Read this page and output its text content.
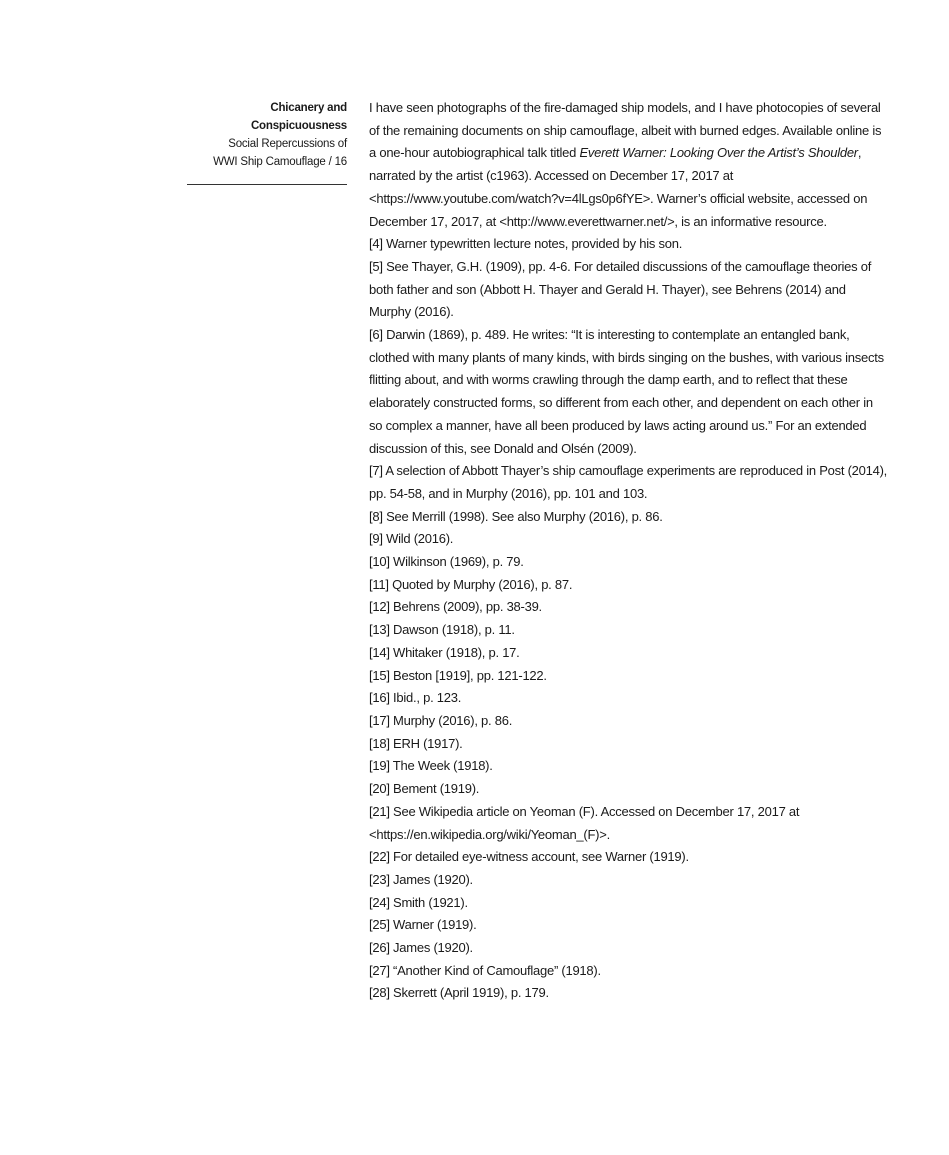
Chicanery and
Conspicuousness
Social Repercussions of
WWI Ship Camouflage / 16

I have seen photographs of the fire-damaged ship models, and I have photocopies of several of the remaining documents on ship camouflage, albeit with burned edges. Available online is a one-hour autobiographical talk titled Everett Warner: Looking Over the Artist’s Shoulder, narrated by the artist (c1963). Accessed on December 17, 2017 at <https://www.youtube.com/watch?v=4lLgs0p6fYE>. Warner’s official website, accessed on December 17, 2017, at <http://www.everettwarner.net/>, is an informative resource.

[4] Warner typewritten lecture notes, provided by his son.

[5] See Thayer, G.H. (1909), pp. 4-6. For detailed discussions of the camouflage theories of both father and son (Abbott H. Thayer and Gerald H. Thayer), see Behrens (2014) and Murphy (2016).

[6] Darwin (1869), p. 489. He writes: “It is interesting to contemplate an entangled bank, clothed with many plants of many kinds, with birds singing on the bushes, with various insects flitting about, and with worms crawling through the damp earth, and to reflect that these elaborately constructed forms, so different from each other, and dependent on each other in so complex a manner, have all been produced by laws acting around us.” For an extended discussion of this, see Donald and Olsén (2009).

[7] A selection of Abbott Thayer’s ship camouflage experiments are reproduced in Post (2014), pp. 54-58, and in Murphy (2016), pp. 101 and 103.

[8] See Merrill (1998). See also Murphy (2016), p. 86.

[9] Wild (2016).

[10] Wilkinson (1969), p. 79.

[11] Quoted by Murphy (2016), p. 87.

[12] Behrens (2009), pp. 38-39.

[13] Dawson (1918), p. 11.

[14] Whitaker (1918), p. 17.

[15] Beston [1919], pp. 121-122.

[16] Ibid., p. 123.

[17] Murphy (2016), p. 86.

[18] ERH (1917).

[19] The Week (1918).

[20] Bement (1919).

[21] See Wikipedia article on Yeoman (F). Accessed on December 17, 2017 at <https://en.wikipedia.org/wiki/Yeoman_(F)>.

[22] For detailed eye-witness account, see Warner (1919).

[23] James (1920).

[24] Smith (1921).

[25] Warner (1919).

[26] James (1920).

[27] “Another Kind of Camouflage” (1918).

[28] Skerrett (April 1919), p. 179.
